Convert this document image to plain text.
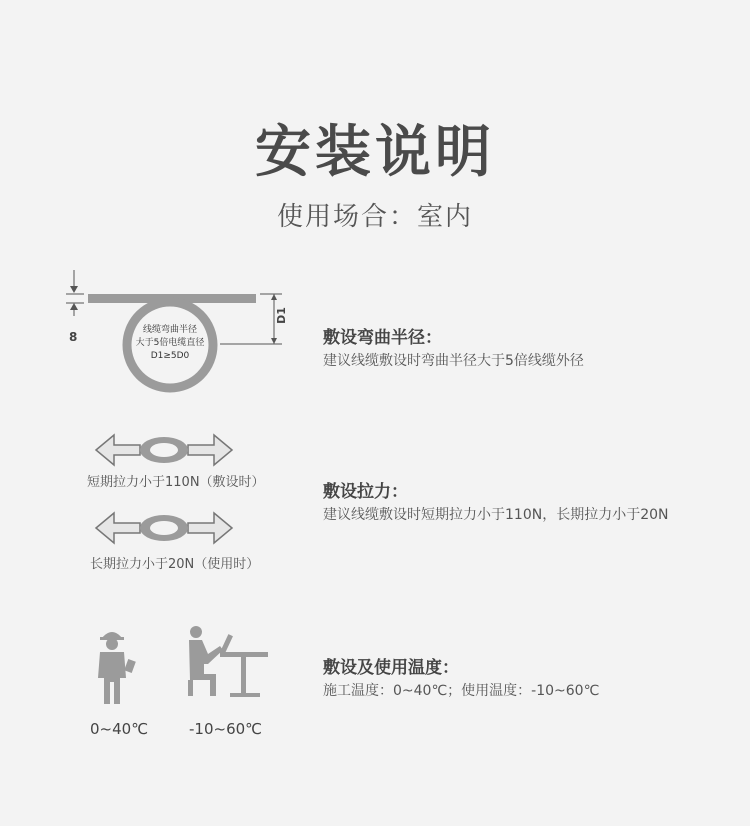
安装说明
使用场合：室内
8
D1
线缆弯曲半径
大于5倍电缆直径
D1≥5D0
敷设弯曲半径：
建议线缆敷设时弯曲半径大于5倍线缆外径
短期拉力小于110N（敷设时）
长期拉力小于20N（使用时）
敷设拉力：
建议线缆敷设时短期拉力小于110N，长期拉力小于20N
0~40℃	-10~60℃
敷设及使用温度：
施工温度：0~40℃；使用温度：-10~60℃
